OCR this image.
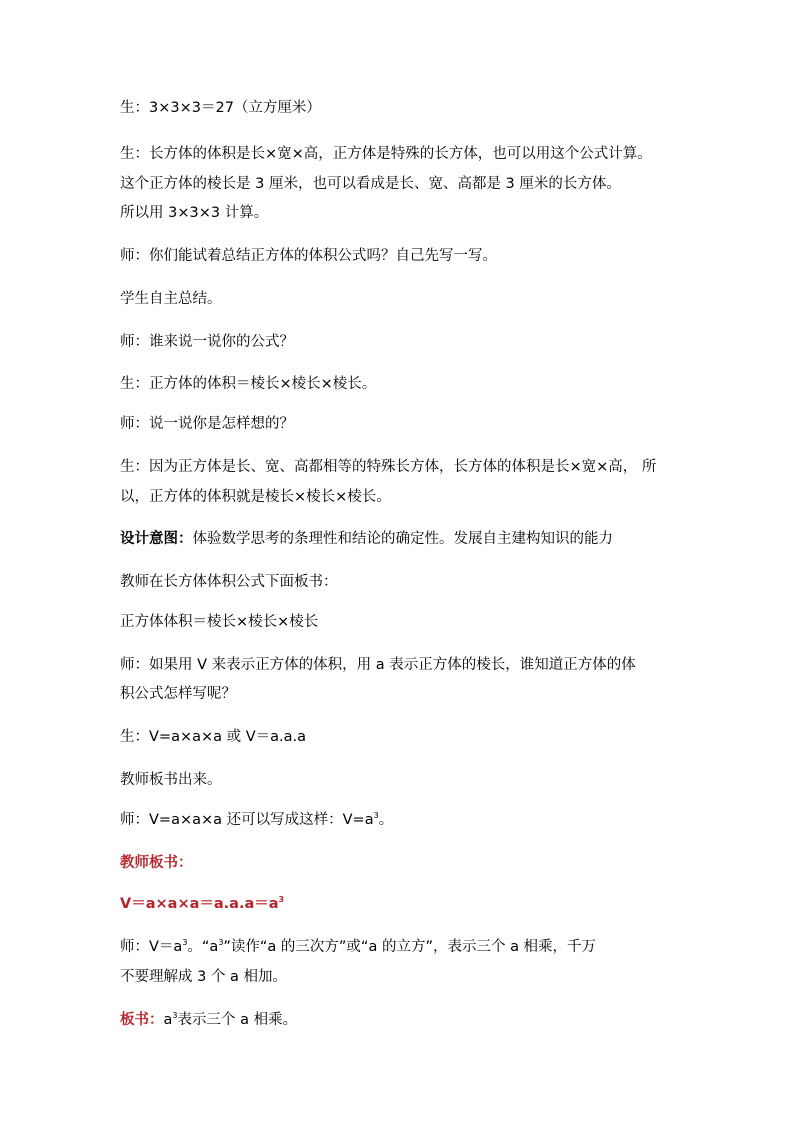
生：3×3×3＝27（立方厘米）
生：长方体的体积是长×宽×高，正方体是特殊的长方体，也可以用这个公式计算。
这个正方体的棱长是 3 厘米，也可以看成是长、宽、高都是 3 厘米的长方体。
所以用 3×3×3 计算。
师：你们能试着总结正方体的体积公式吗？自己先写一写。
学生自主总结。
师：谁来说一说你的公式？
生：正方体的体积＝棱长×棱长×棱长。
师：说一说你是怎样想的？
生：因为正方体是长、宽、高都相等的特殊长方体，长方体的体积是长×宽×高， 所
以，正方体的体积就是棱长×棱长×棱长。
设计意图：体验数学思考的条理性和结论的确定性。发展自主建构知识的能力
教师在长方体体积公式下面板书：
正方体体积＝棱长×棱长×棱长
师：如果用 V 来表示正方体的体积，用 a 表示正方体的棱长，谁知道正方体的体
积公式怎样写呢？
生：V=a×a×a 或 V＝a.a.a
教师板书出来。
师：V=a×a×a 还可以写成这样：$V=a^3$。
教师板书：
$V=a\times a\times a=a.a.a=a^3$
师：$V=a^3$。“$a^3$”读作“a 的三次方”或“a 的立方”，表示三个 a 相乘，千万
不要理解成 3 个 a 相加。
板书：$a^3$表示三个 a 相乘。
